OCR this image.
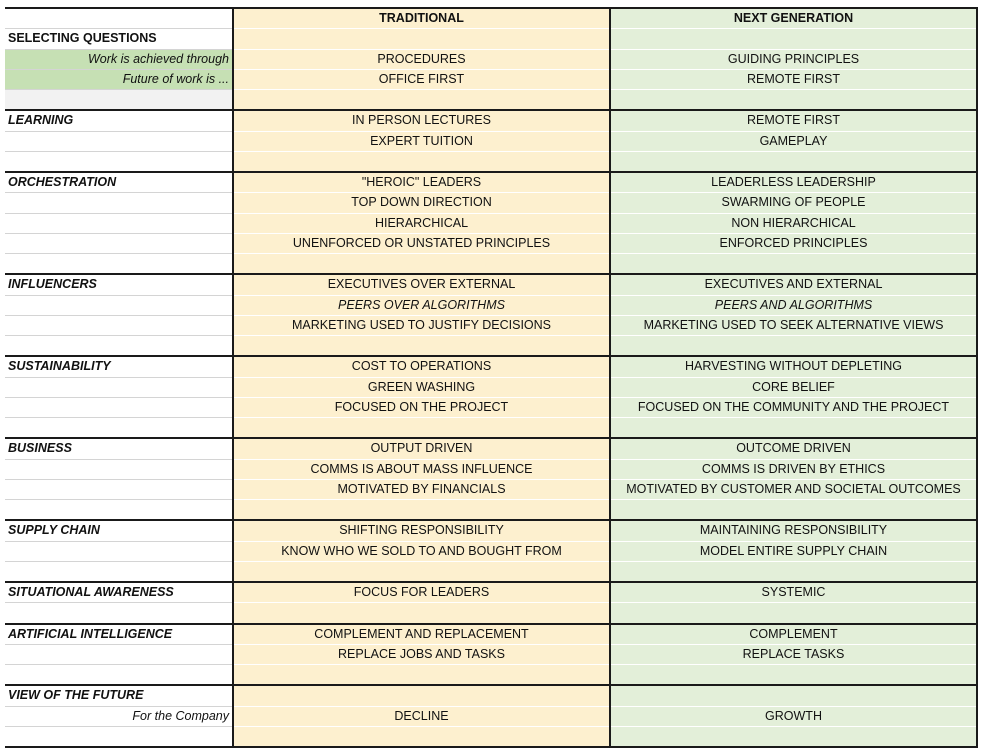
	TRADITIONAL	NEXT GENERATION
SELECTING QUESTIONS		
Work is achieved through	PROCEDURES	GUIDING PRINCIPLES
Future of work is ...	OFFICE FIRST	REMOTE FIRST

LEARNING	IN PERSON LECTURES	REMOTE FIRST
	EXPERT TUITION	GAMEPLAY

ORCHESTRATION	"HEROIC" LEADERS	LEADERLESS LEADERSHIP
	TOP DOWN DIRECTION	SWARMING OF PEOPLE
	HIERARCHICAL	NON HIERARCHICAL
	UNENFORCED OR UNSTATED PRINCIPLES	ENFORCED PRINCIPLES

INFLUENCERS	EXECUTIVES OVER EXTERNAL	EXECUTIVES AND EXTERNAL
	PEERS OVER ALGORITHMS	PEERS AND ALGORITHMS
	MARKETING USED TO JUSTIFY DECISIONS	MARKETING USED TO SEEK ALTERNATIVE VIEWS

SUSTAINABILITY	COST TO OPERATIONS	HARVESTING WITHOUT DEPLETING
	GREEN WASHING	CORE BELIEF
	FOCUSED ON THE PROJECT	FOCUSED ON THE COMMUNITY AND THE PROJECT

BUSINESS	OUTPUT DRIVEN	OUTCOME DRIVEN
	COMMS IS ABOUT MASS INFLUENCE	COMMS IS DRIVEN BY ETHICS
	MOTIVATED BY FINANCIALS	MOTIVATED BY CUSTOMER AND SOCIETAL OUTCOMES

SUPPLY CHAIN	SHIFTING RESPONSIBILITY	MAINTAINING RESPONSIBILITY
	KNOW WHO WE SOLD TO AND BOUGHT FROM	MODEL ENTIRE SUPPLY CHAIN

SITUATIONAL AWARENESS	FOCUS FOR LEADERS	SYSTEMIC

ARTIFICIAL INTELLIGENCE	COMPLEMENT AND REPLACEMENT	COMPLEMENT
	REPLACE JOBS AND TASKS	REPLACE TASKS

VIEW OF THE FUTURE		
For the Company	DECLINE	GROWTH
